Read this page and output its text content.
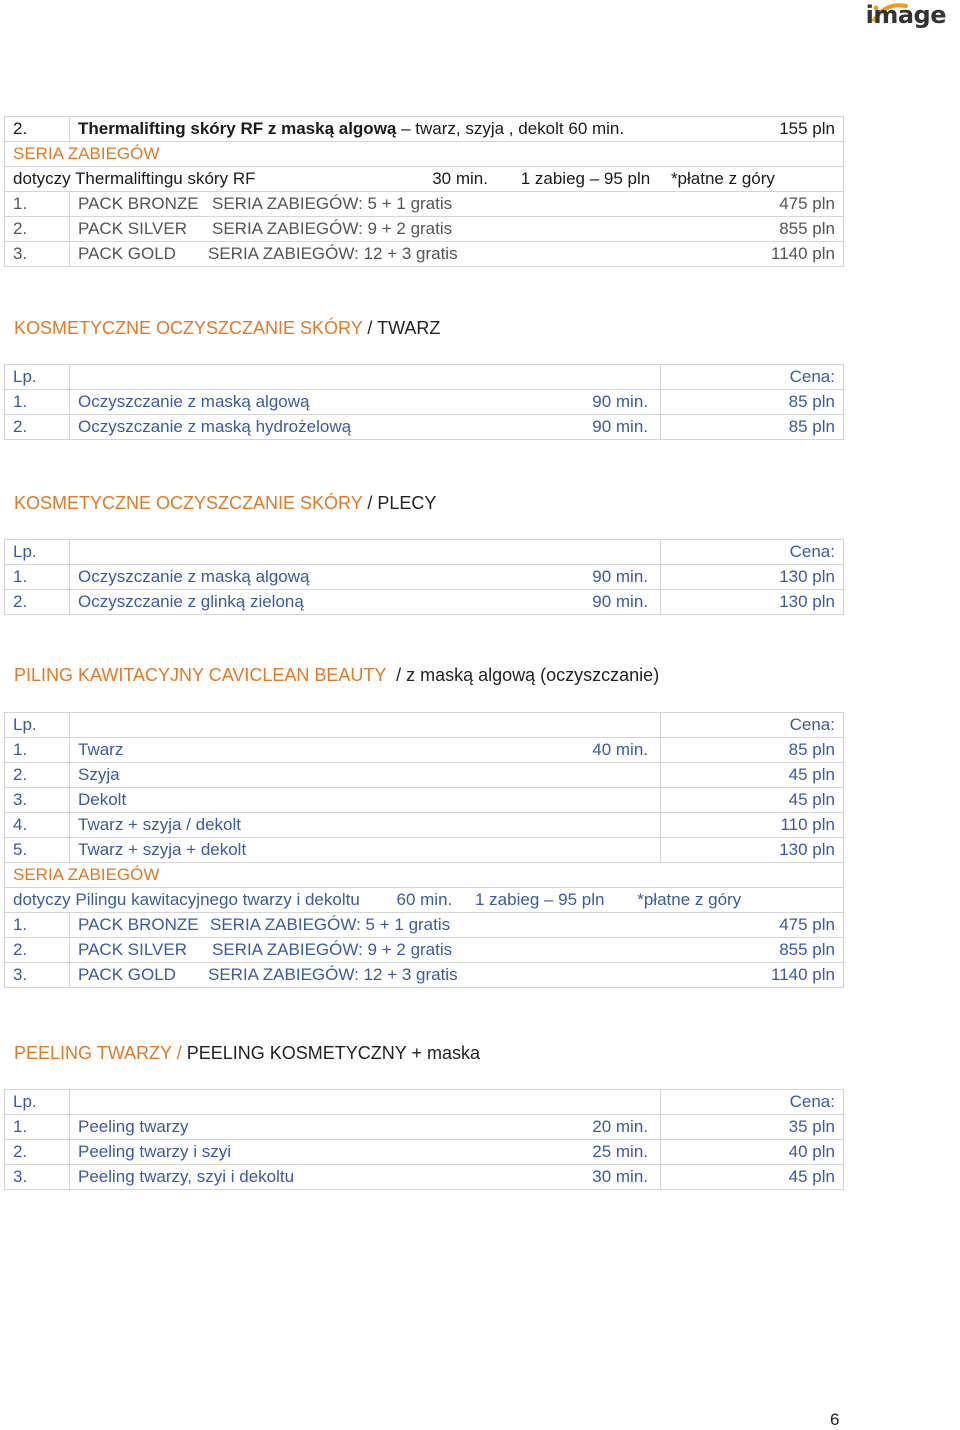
image
2.	Thermalifting skóry RF z maską algową – twarz, szyja , dekolt 60 min. 155 pln

SERIA ZABIEGÓW	
dotyczy Thermaliftingu skóry RF 30 min. 1 zabieg – 95 pln *płatne z góry	
1.	PACK BRONZE SERIA ZABIEGÓW: 5 + 1 gratis 475 pln

2.	PACK SILVER SERIA ZABIEGÓW: 9 + 2 gratis 855 pln

3.	PACK GOLD SERIA ZABIEGÓW: 12 + 3 gratis 1140 pln
KOSMETYCZNE OCZYSZCZANIE SKÓRY / TWARZ
Lp.		Cena:
1.	Oczyszczanie z maską algową 90 min.	85 pln
2.	Oczyszczanie z maską hydrożelową 90 min.	85 pln
KOSMETYCZNE OCZYSZCZANIE SKÓRY / PLECY
Lp.		Cena:
1.	Oczyszczanie z maską algową 90 min.	130 pln
2.	Oczyszczanie z glinką zieloną 90 min.	130 pln
PILING KAWITACYJNY CAVICLEAN BEAUTY  / z maską algową (oczyszczanie)
Lp.		Cena:
1.	Twarz 40 min.	85 pln
2.	Szyja	45 pln
3.	Dekolt	45 pln
4.	Twarz + szyja / dekolt	110 pln
5.	Twarz + szyja + dekolt	130 pln
SERIA ZABIEGÓW		
dotyczy Pilingu kawitacyjnego twarzy i dekoltu 60 min. 1 zabieg – 95 pln *płatne z góry		
1.	PACK BRONZE SERIA ZABIEGÓW: 5 + 1 gratis 475 pln	

2.	PACK SILVER SERIA ZABIEGÓW: 9 + 2 gratis 855 pln	

3.	PACK GOLD SERIA ZABIEGÓW: 12 + 3 gratis 1140 pln	
PEELING TWARZY / PEELING KOSMETYCZNY + maska
Lp.		Cena:
1.	Peeling twarzy 20 min.	35 pln
2.	Peeling twarzy i szyi 25 min.	40 pln
3.	Peeling twarzy, szyi i dekoltu 30 min.	45 pln
6
